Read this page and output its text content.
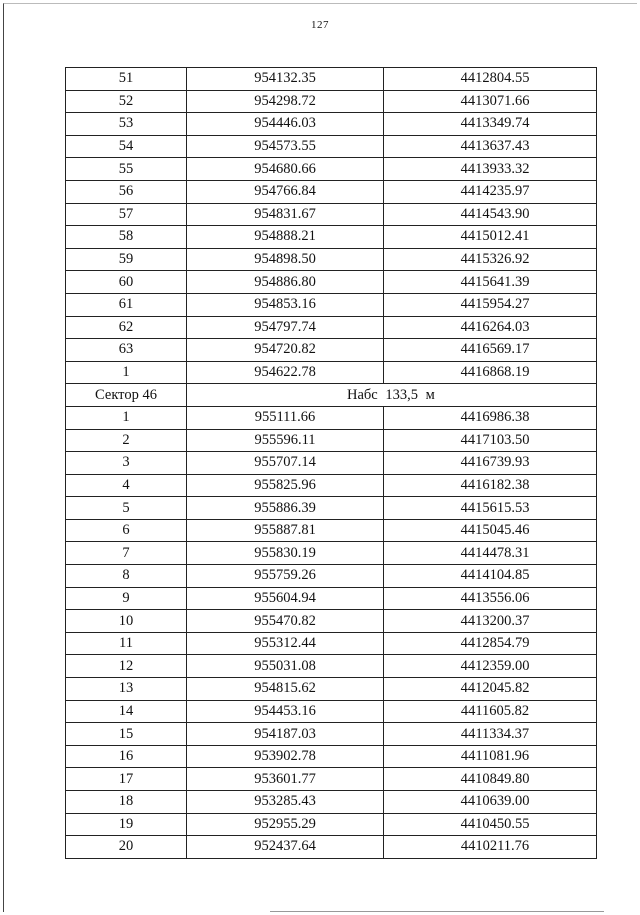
127
51	954132.35	4412804.55
52	954298.72	4413071.66
53	954446.03	4413349.74
54	954573.55	4413637.43
55	954680.66	4413933.32
56	954766.84	4414235.97
57	954831.67	4414543.90
58	954888.21	4415012.41
59	954898.50	4415326.92
60	954886.80	4415641.39
61	954853.16	4415954.27
62	954797.74	4416264.03
63	954720.82	4416569.17
1	954622.78	4416868.19
Сектор 46	Набс 133,5 м	
1	955111.66	4416986.38
2	955596.11	4417103.50
3	955707.14	4416739.93
4	955825.96	4416182.38
5	955886.39	4415615.53
6	955887.81	4415045.46
7	955830.19	4414478.31
8	955759.26	4414104.85
9	955604.94	4413556.06
10	955470.82	4413200.37
11	955312.44	4412854.79
12	955031.08	4412359.00
13	954815.62	4412045.82
14	954453.16	4411605.82
15	954187.03	4411334.37
16	953902.78	4411081.96
17	953601.77	4410849.80
18	953285.43	4410639.00
19	952955.29	4410450.55
20	952437.64	4410211.76
